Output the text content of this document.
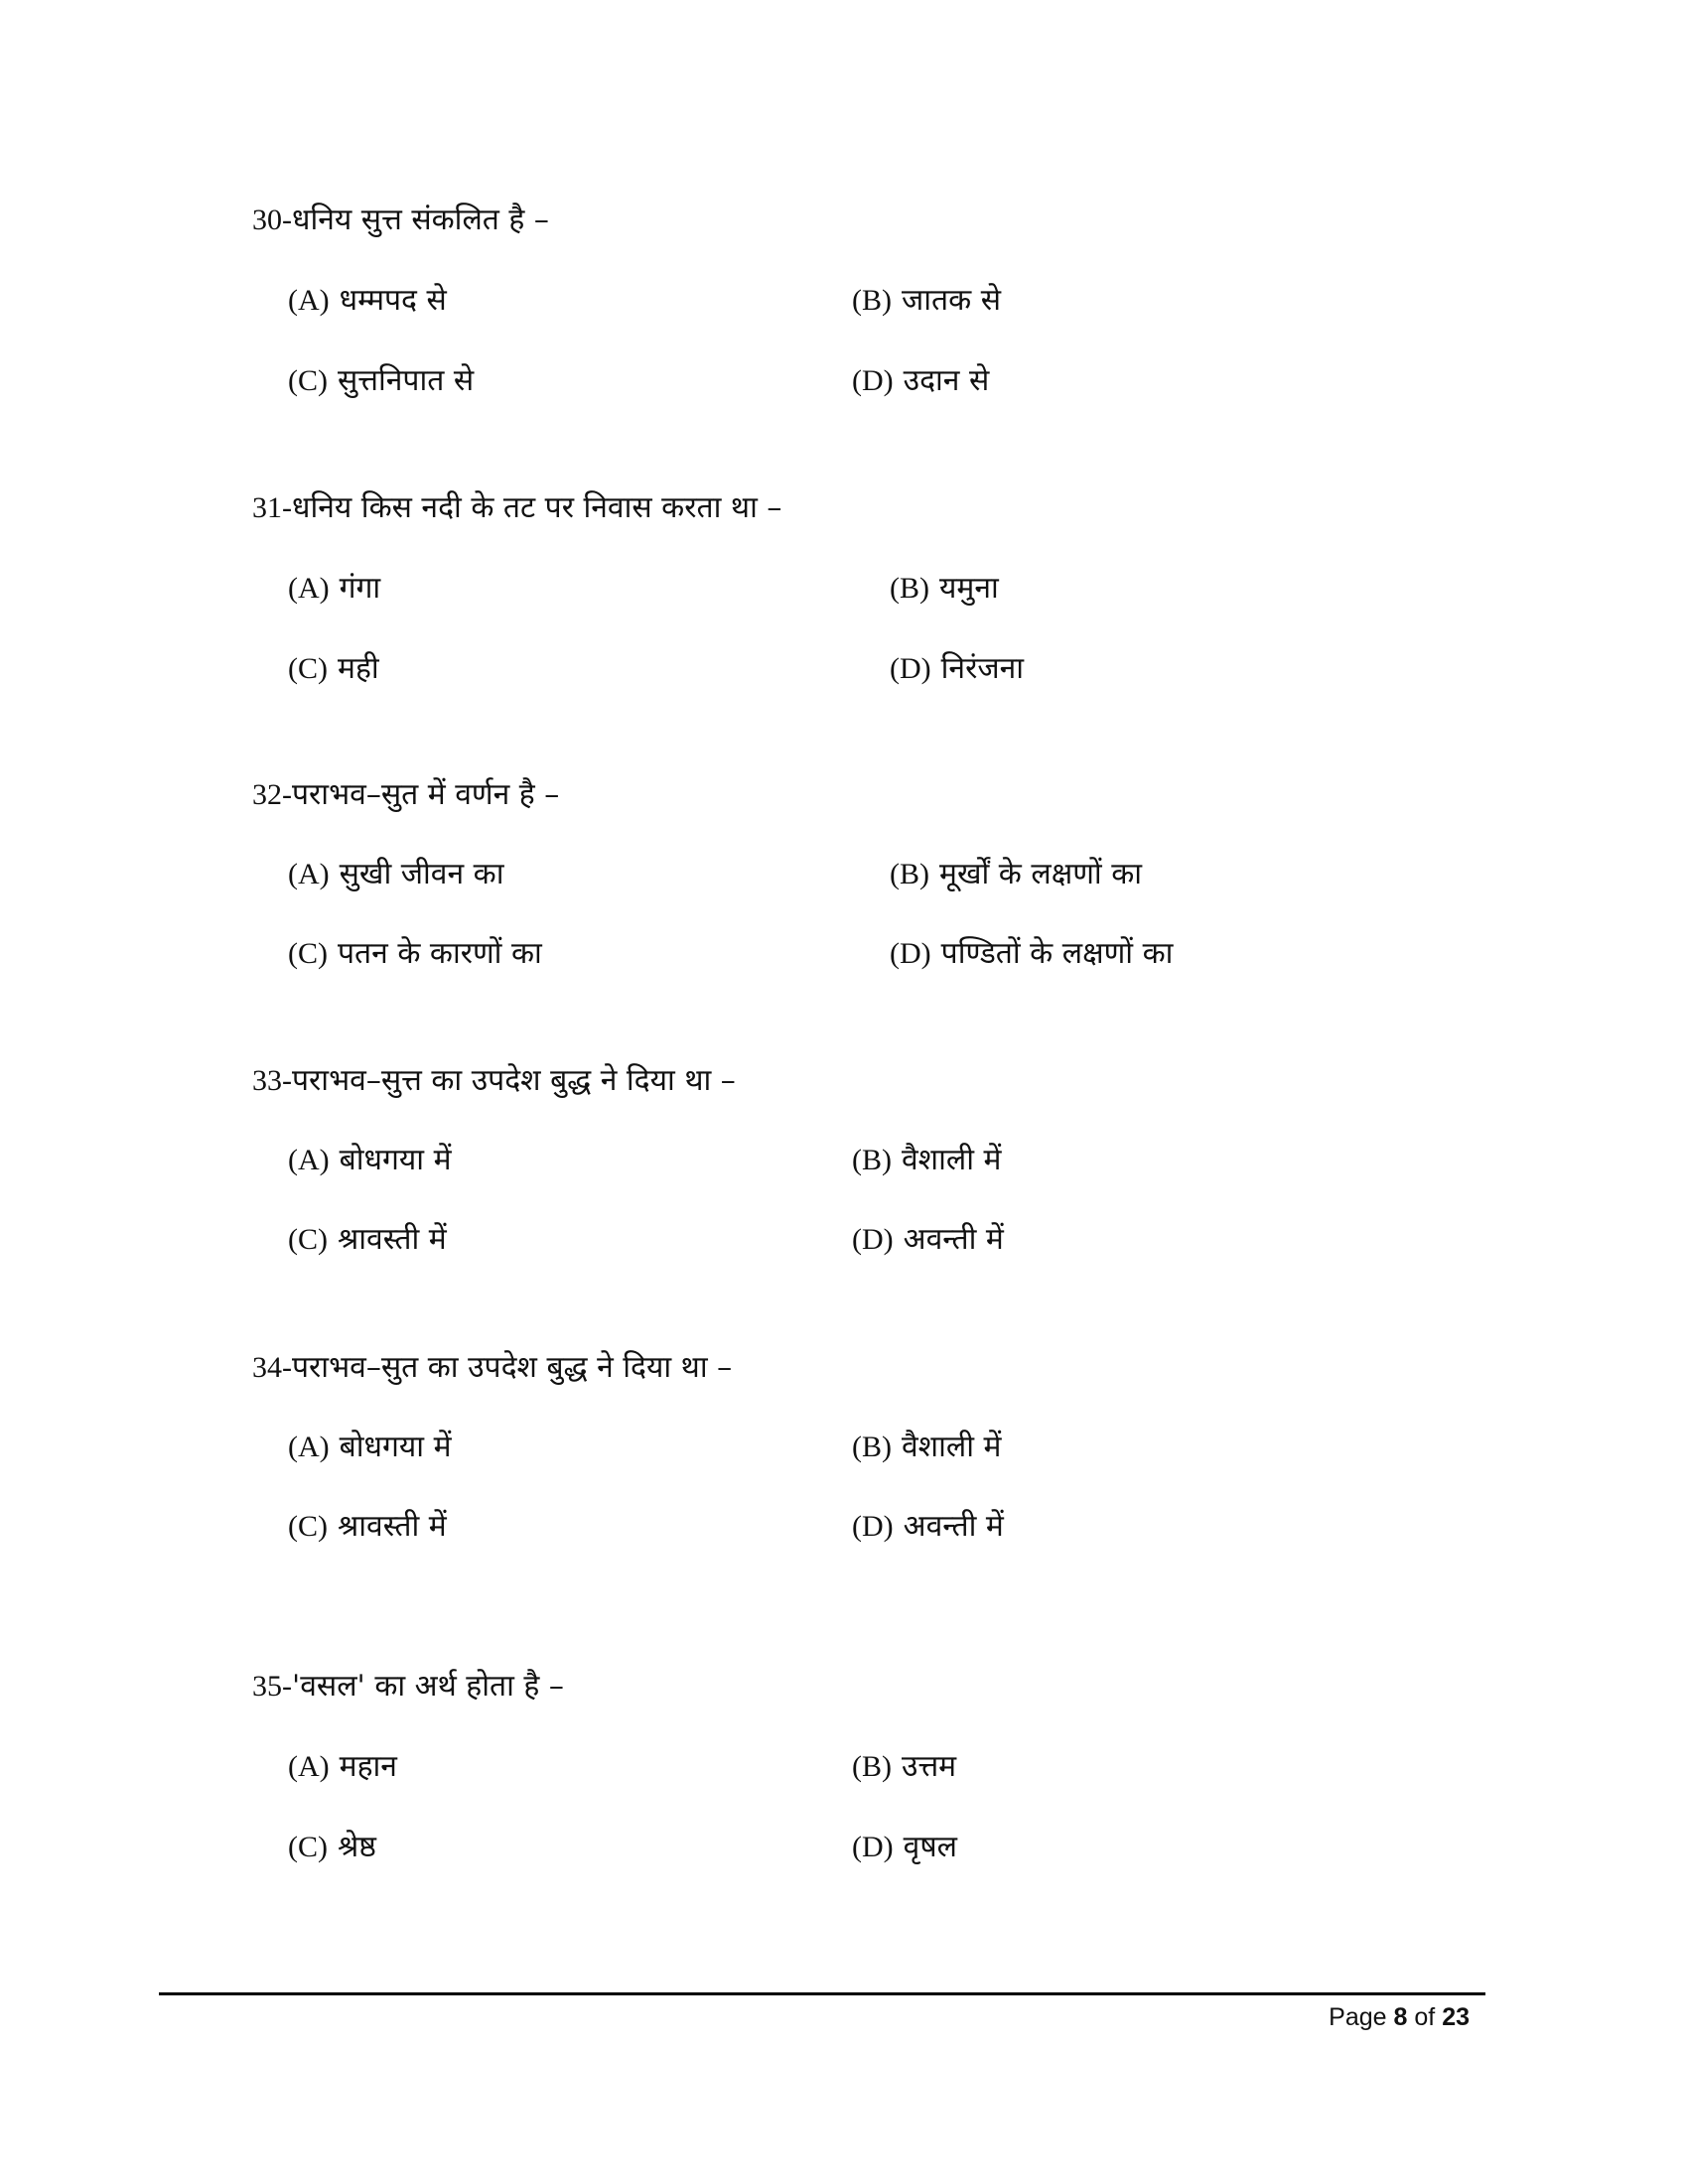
30-धनिय सुत्त संकलित है –
(A) धम्मपद से	(B) जातक से
(C) सुत्तनिपात से	(D) उदान से
31-धनिय किस नदी के तट पर निवास करता था –
(A) गंगा	(B) यमुना
(C) मही	(D) निरंजना
32-पराभव–सुत में वर्णन है –
(A) सुखी जीवन का	(B) मूर्खों के लक्षणों का
(C) पतन के कारणों का	(D) पण्डितों के लक्षणों का
33-पराभव–सुत्त का उपदेश बुद्ध ने दिया था –
(A) बोधगया में	(B) वैशाली में
(C) श्रावस्ती में	(D) अवन्ती में
34-पराभव–सुत का उपदेश बुद्ध ने दिया था –
(A) बोधगया में	(B) वैशाली में
(C) श्रावस्ती में	(D) अवन्ती में
35-'वसल' का अर्थ होता है –
(A) महान	(B) उत्तम
(C) श्रेष्ठ	(D) वृषल
Page 8 of 23
